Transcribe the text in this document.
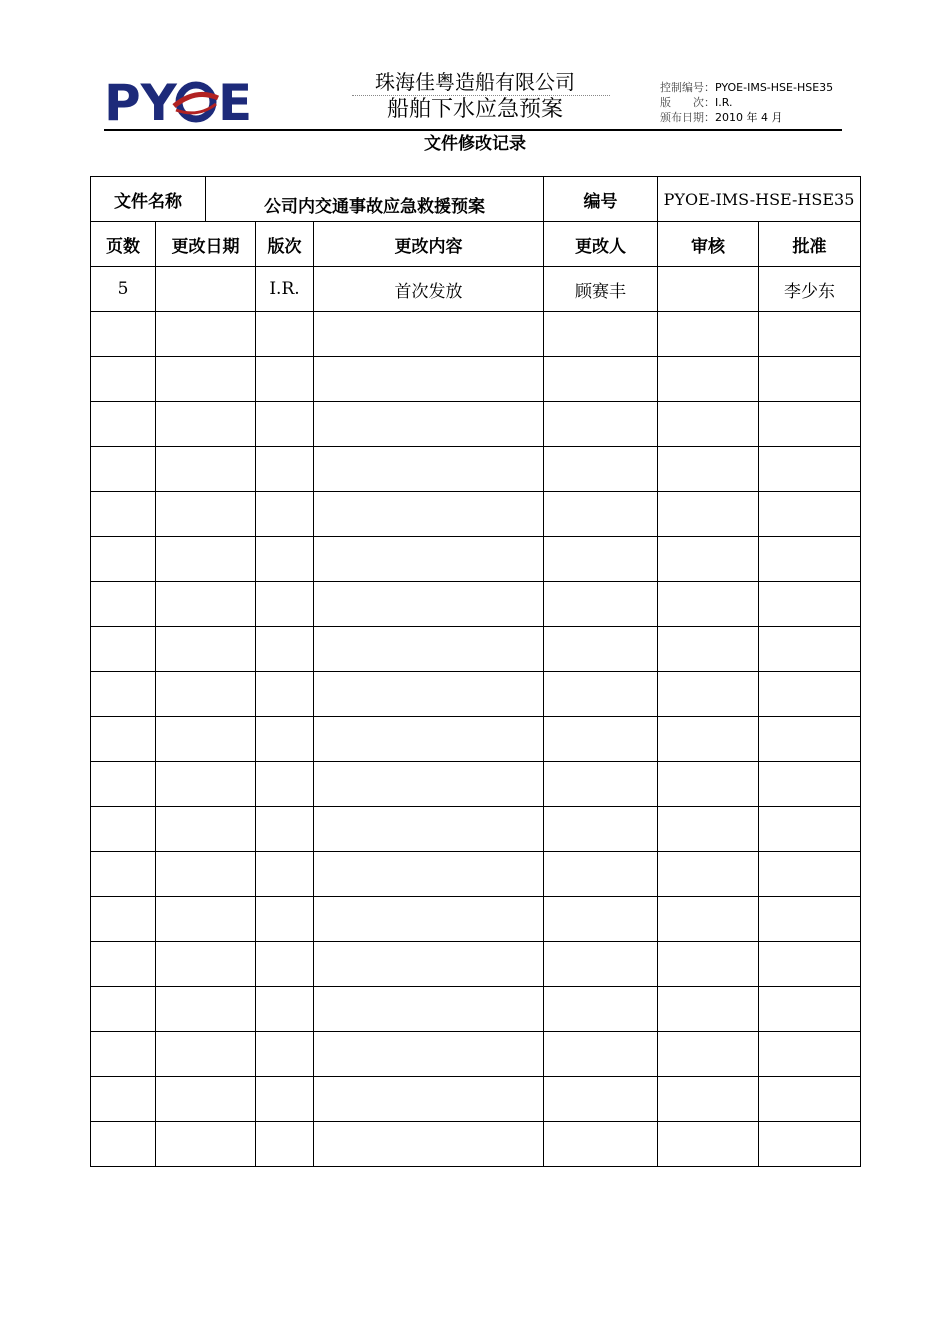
PY E	珠海佳粤造船有限公司
船舶下水应急预案
控制编号：PYOE-IMS-HSE-HSE35
版　　次：I.R.
颁布日期：2010 年 4 月
文件修改记录
文件名称		公司内交通事故应急救援预案			编号	PYOE-IMS-HSE-HSE35	
页数	更改日期		版次	更改内容	更改人	审核	批准
5			I.R.	首次发放	顾赛丰		李少东
